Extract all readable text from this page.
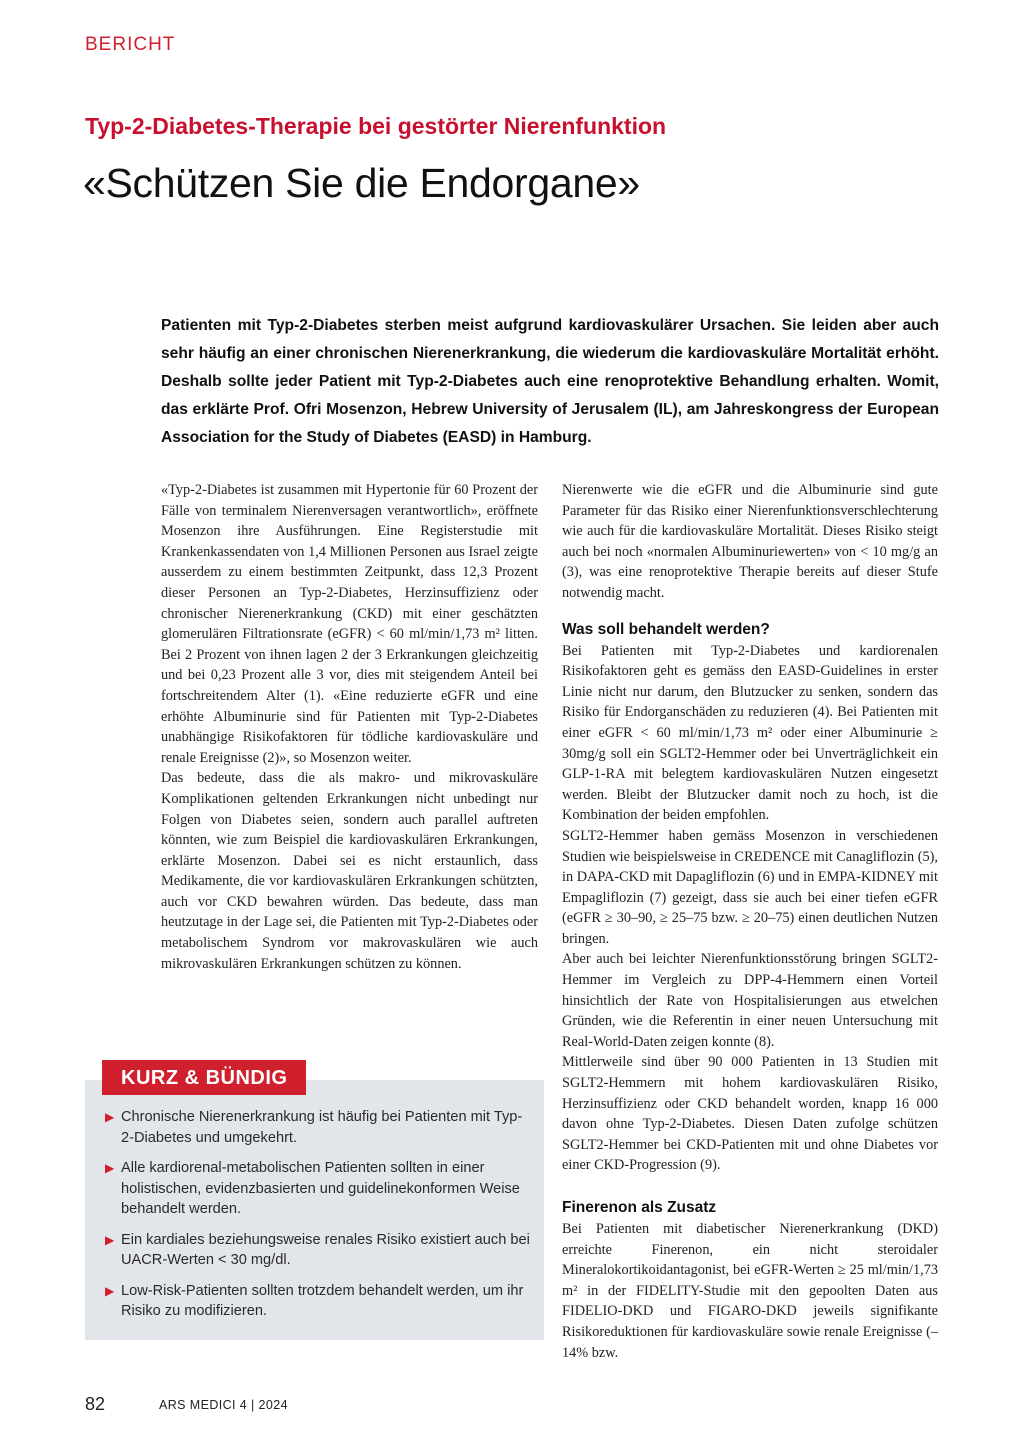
BERICHT
Typ-2-Diabetes-Therapie bei gestörter Nierenfunktion
«Schützen Sie die Endorgane»
Patienten mit Typ-2-Diabetes sterben meist aufgrund kardiovaskulärer Ursachen. Sie leiden aber auch sehr häufig an einer chronischen Nierenerkrankung, die wiederum die kardiovaskuläre Mortalität erhöht. Deshalb sollte jeder Patient mit Typ-2-Diabetes auch eine renoprotektive Behandlung erhalten. Womit, das erklärte Prof. Ofri Mosenzon, Hebrew University of Jerusalem (IL), am Jahreskongress der European Association for the Study of Diabetes (EASD) in Hamburg.

«Typ-2-Diabetes ist zusammen mit Hypertonie für 60 Prozent der Fälle von terminalem Nierenversagen verantwortlich», eröffnete Mosenzon ihre Ausführungen. Eine Registerstudie mit Krankenkassendaten von 1,4 Millionen Personen aus Israel zeigte ausserdem zu einem bestimmten Zeitpunkt, dass 12,3 Prozent dieser Personen an Typ-2-Diabetes, Herzinsuffizienz oder chronischer Nierenerkrankung (CKD) mit einer geschätzten glomerulären Filtrationsrate (eGFR) < 60 ml/min/1,73 m² litten. Bei 2 Prozent von ihnen lagen 2 der 3 Erkrankungen gleichzeitig und bei 0,23 Prozent alle 3 vor, dies mit steigendem Anteil bei fortschreitendem Alter (1). «Eine reduzierte eGFR und eine erhöhte Albuminurie sind für Patienten mit Typ-2-Diabetes unabhängige Risikofaktoren für tödliche kardiovaskuläre und renale Ereignisse (2)», so Mosenzon weiter.

Das bedeute, dass die als makro- und mikrovaskuläre Komplikationen geltenden Erkrankungen nicht unbedingt nur Folgen von Diabetes seien, sondern auch parallel auftreten könnten, wie zum Beispiel die kardiovaskulären Erkrankungen, erklärte Mosenzon. Dabei sei es nicht erstaunlich, dass Medikamente, die vor kardiovaskulären Erkrankungen schützten, auch vor CKD bewahren würden. Das bedeute, dass man heutzutage in der Lage sei, die Patienten mit Typ-2-Diabetes oder metabolischem Syndrom vor makrovaskulären wie auch mikrovaskulären Erkrankungen schützen zu können.

Nierenwerte wie die eGFR und die Albuminurie sind gute Parameter für das Risiko einer Nierenfunktionsverschlechterung wie auch für die kardiovaskuläre Mortalität. Dieses Risiko steigt auch bei noch «normalen Albuminuriewerten» von < 10 mg/g an (3), was eine renoprotektive Therapie bereits auf dieser Stufe notwendig macht.

Was soll behandelt werden?

Bei Patienten mit Typ-2-Diabetes und kardiorenalen Risikofaktoren geht es gemäss den EASD-Guidelines in erster Linie nicht nur darum, den Blutzucker zu senken, sondern das Risiko für Endorganschäden zu reduzieren (4). Bei Patienten mit einer eGFR < 60 ml/min/1,73 m² oder einer Albuminurie ≥ 30mg/g soll ein SGLT2-Hemmer oder bei Unverträglichkeit ein GLP-1-RA mit belegtem kardiovaskulären Nutzen eingesetzt werden. Bleibt der Blutzucker damit noch zu hoch, ist die Kombination der beiden empfohlen.

SGLT2-Hemmer haben gemäss Mosenzon in verschiedenen Studien wie beispielsweise in CREDENCE mit Canagliflozin (5), in DAPA-CKD mit Dapagliflozin (6) und in EMPA-KIDNEY mit Empagliflozin (7) gezeigt, dass sie auch bei einer tiefen eGFR (eGFR ≥ 30–90, ≥ 25–75 bzw. ≥ 20–75) einen deutlichen Nutzen bringen.

Aber auch bei leichter Nierenfunktionsstörung bringen SGLT2-Hemmer im Vergleich zu DPP-4-Hemmern einen Vorteil hinsichtlich der Rate von Hospitalisierungen aus etwelchen Gründen, wie die Referentin in einer neuen Untersuchung mit Real-World-Daten zeigen konnte (8).

Mittlerweile sind über 90 000 Patienten in 13 Studien mit SGLT2-Hemmern mit hohem kardiovaskulären Risiko, Herzinsuffizienz oder CKD behandelt worden, knapp 16 000 davon ohne Typ-2-Diabetes. Diesen Daten zufolge schützen SGLT2-Hemmer bei CKD-Patienten mit und ohne Diabetes vor einer CKD-Progression (9).

Finerenon als Zusatz

Bei Patienten mit diabetischer Nierenerkrankung (DKD) erreichte Finerenon, ein nicht steroidaler Mineralokortikoidantagonist, bei eGFR-Werten ≥ 25 ml/min/1,73 m² in der FIDELITY-Studie mit den gepoolten Daten aus FIDELIO-DKD und FIGARO-DKD jeweils signifikante Risikoreduktionen für kardiovaskuläre sowie renale Ereignisse (–14% bzw.

KURZ & BÜNDIG
▶ Chronische Nierenerkrankung ist häufig bei Patienten mit Typ-2-Diabetes und umgekehrt.
▶ Alle kardiorenal-metabolischen Patienten sollten in einer holistischen, evidenzbasierten und guidelinekonformen Weise behandelt werden.
▶ Ein kardiales beziehungsweise renales Risiko existiert auch bei UACR-Werten < 30 mg/dl.
▶ Low-Risk-Patienten sollten trotzdem behandelt werden, um ihr Risiko zu modifizieren.
82	ARS MEDICI 4 | 2024
